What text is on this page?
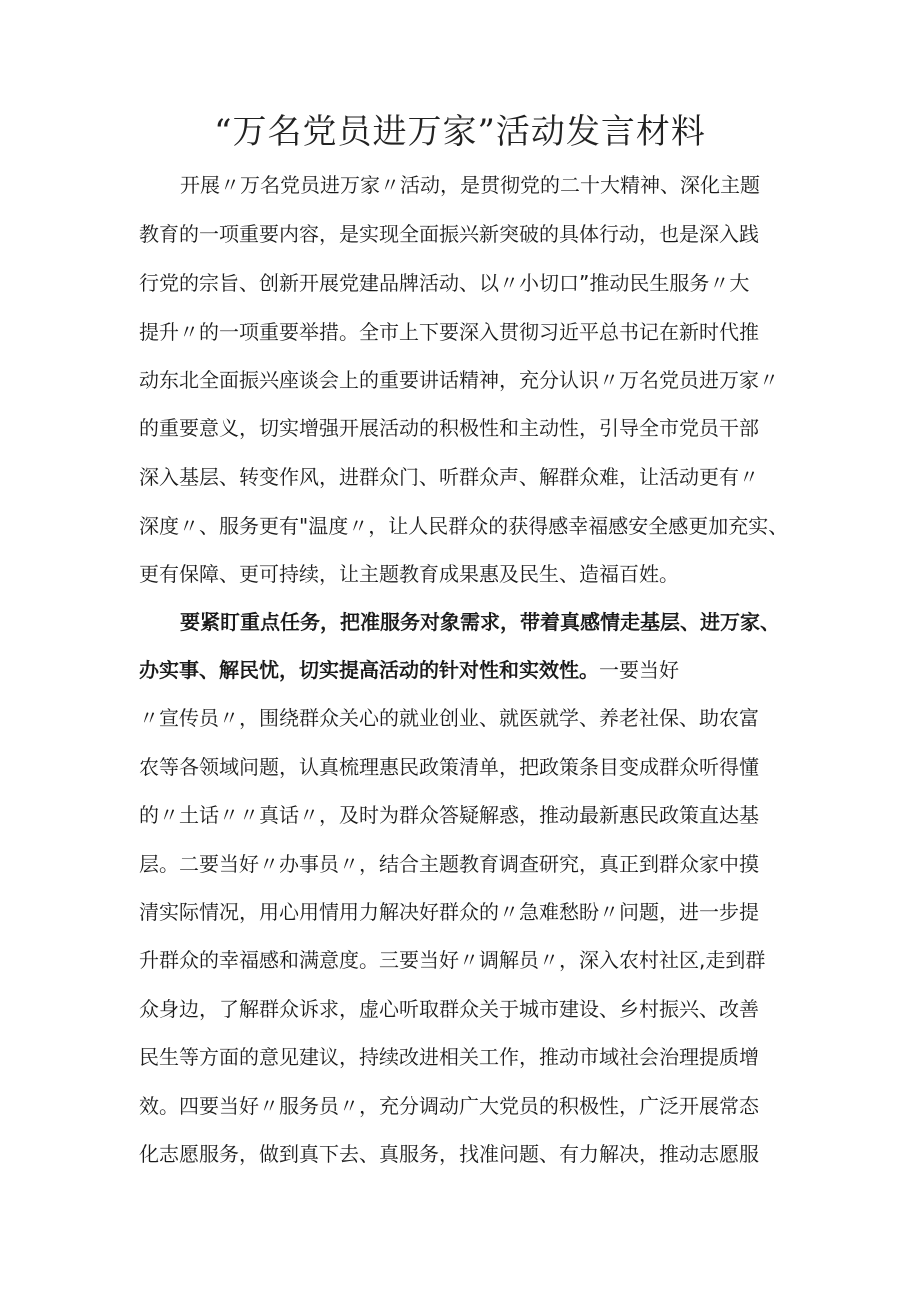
“万名党员进万家”活动发言材料

开展〃万名党员进万家〃活动，是贯彻党的二十大精神、深化主题

教育的一项重要内容，是实现全面振兴新突破的具体行动，也是深入践

行党的宗旨、创新开展党建品牌活动、以〃小切口”推动民生服务〃大

提升〃的一项重要举措。全市上下要深入贯彻习近平总书记在新时代推

动东北全面振兴座谈会上的重要讲话精神，充分认识〃万名党员进万家〃

的重要意义，切实增强开展活动的积极性和主动性，引导全市党员干部

深入基层、转变作风，进群众门、听群众声、解群众难，让活动更有〃

深度〃、服务更有"温度〃，让人民群众的获得感幸福感安全感更加充实、

更有保障、更可持续，让主题教育成果惠及民生、造福百姓。

要紧盯重点任务，把准服务对象需求，带着真感情走基层、进万家、

办实事、解民忧，切实提高活动的针对性和实效性。一要当好

〃宣传员〃，围绕群众关心的就业创业、就医就学、养老社保、助农富

农等各领域问题，认真梳理惠民政策清单，把政策条目变成群众听得懂

的〃土话〃〃真话〃，及时为群众答疑解惑，推动最新惠民政策直达基

层。二要当好〃办事员〃，结合主题教育调查研究，真正到群众家中摸

清实际情况，用心用情用力解决好群众的〃急难愁盼〃问题，进一步提

升群众的幸福感和满意度。三要当好〃调解员〃，深入农村社区,走到群

众身边，了解群众诉求，虚心听取群众关于城市建设、乡村振兴、改善

民生等方面的意见建议，持续改进相关工作，推动市域社会治理提质增

效。四要当好〃服务员〃，充分调动广大党员的积极性，广泛开展常态

化志愿服务，做到真下去、真服务，找准问题、有力解决，推动志愿服
